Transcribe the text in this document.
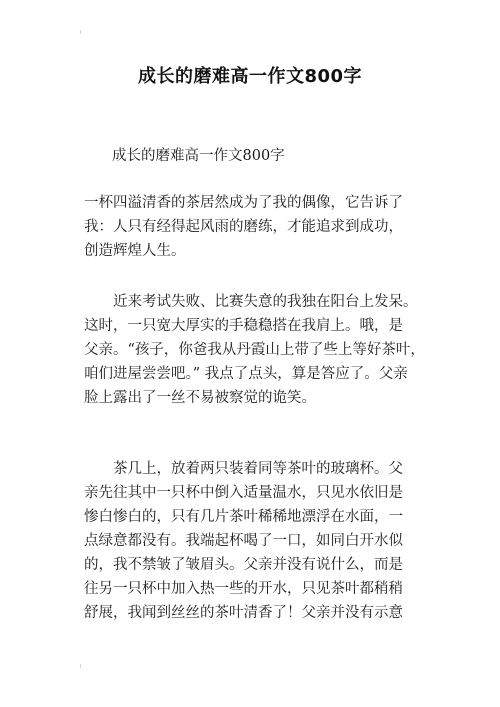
成长的磨难高一作文800字

成长的磨难高一作文800字

一杯四溢清香的茶居然成为了我的偶像，它告诉了
我：人只有经得起风雨的磨练，才能追求到成功，
创造辉煌人生。

　　近来考试失败、比赛失意的我独在阳台上发呆。
这时，一只宽大厚实的手稳稳搭在我肩上。哦，是
父亲。“孩子，你爸我从丹霞山上带了些上等好茶叶，
咱们进屋尝尝吧。” 我点了点头，算是答应了。父亲
脸上露出了一丝不易被察觉的诡笑。

　　茶几上，放着两只装着同等茶叶的玻璃杯。父
亲先往其中一只杯中倒入适量温水，只见水依旧是
惨白惨白的，只有几片茶叶稀稀地漂浮在水面，一
点绿意都没有。我端起杯喝了一口，如同白开水似
的，我不禁皱了皱眉头。父亲并没有说什么，而是
往另一只杯中加入热一些的开水，只见茶叶都稍稍
舒展，我闻到丝丝的茶叶清香了！父亲并没有示意
